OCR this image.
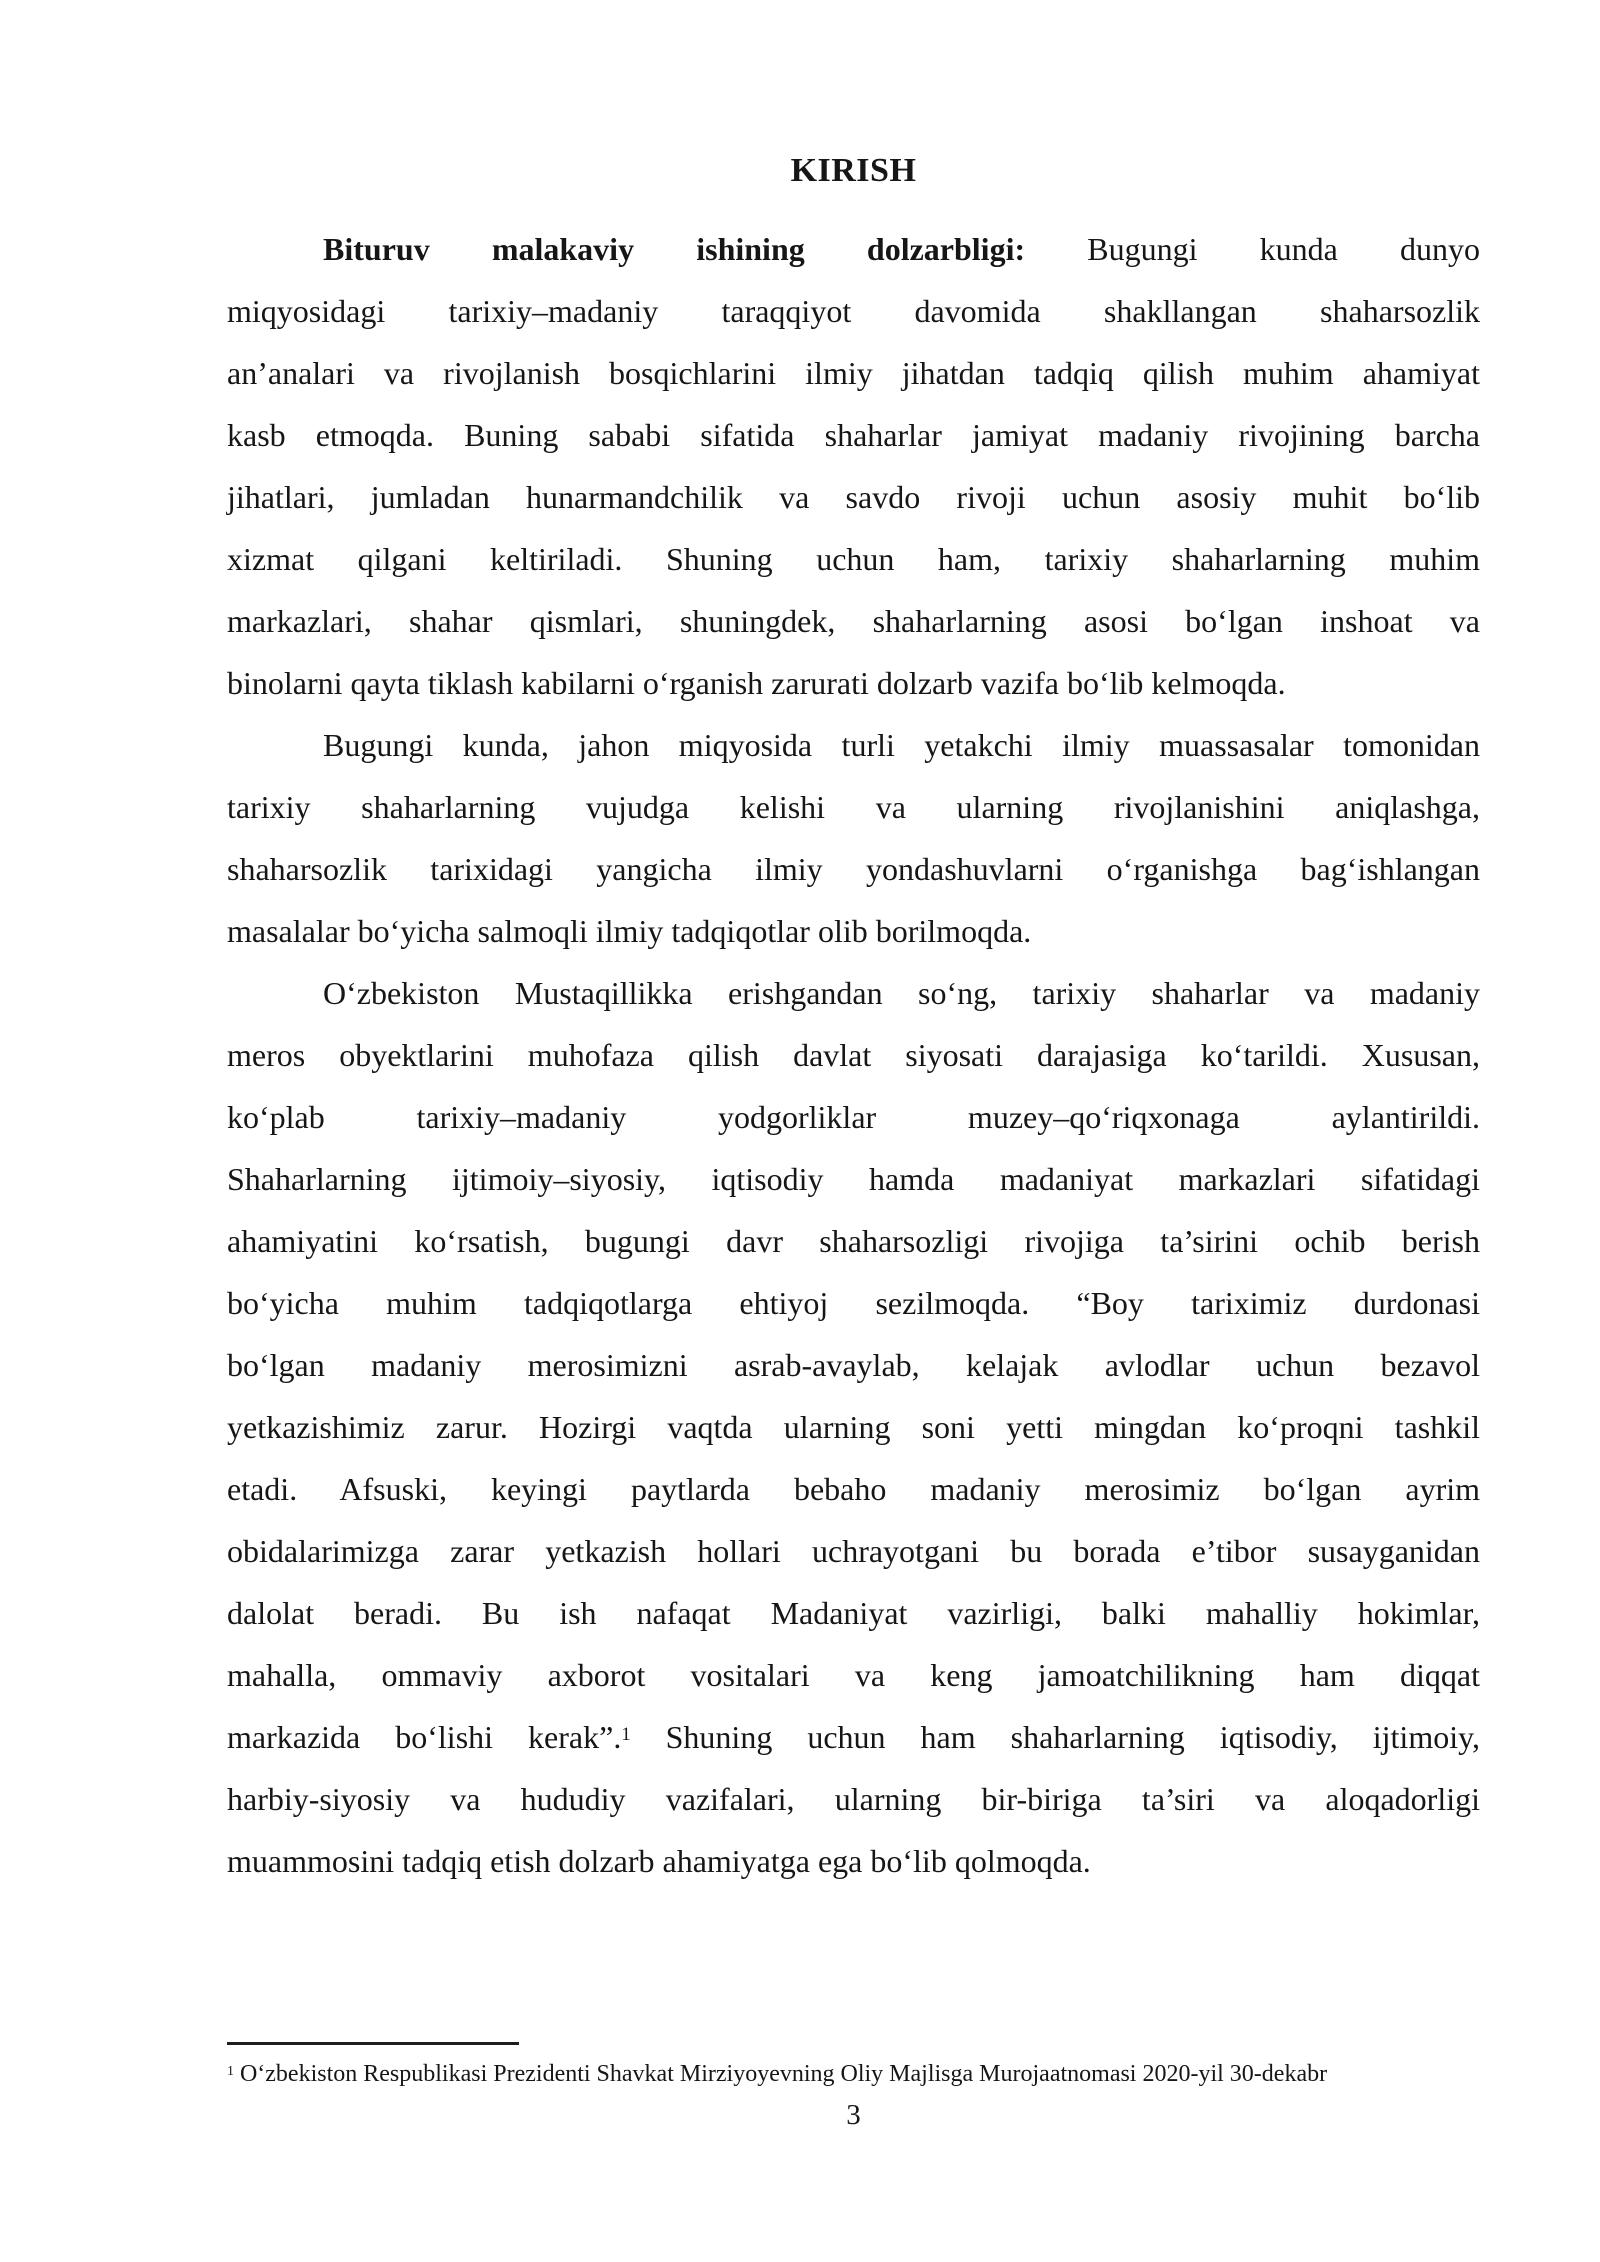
KIRISH
Bituruv malakaviy ishining dolzarbligi: Bugungi kunda dunyo
miqyosidagi tarixiy–madaniy taraqqiyot davomida shakllangan shaharsozlik
an’analari va rivojlanish bosqichlarini ilmiy jihatdan tadqiq qilish muhim ahamiyat
kasb etmoqda. Buning sababi sifatida shaharlar jamiyat madaniy rivojining barcha
jihatlari, jumladan hunarmandchilik va savdo rivoji uchun asosiy muhit bo‘lib
xizmat qilgani keltiriladi. Shuning uchun ham, tarixiy shaharlarning muhim
markazlari, shahar qismlari, shuningdek, shaharlarning asosi bo‘lgan inshoat va
binolarni qayta tiklash kabilarni o‘rganish zarurati dolzarb vazifa bo‘lib kelmoqda.
Bugungi kunda, jahon miqyosida turli yetakchi ilmiy muassasalar tomonidan
tarixiy shaharlarning vujudga kelishi va ularning rivojlanishini aniqlashga,
shaharsozlik tarixidagi yangicha ilmiy yondashuvlarni o‘rganishga bag‘ishlangan
masalalar bo‘yicha salmoqli ilmiy tadqiqotlar olib borilmoqda.
O‘zbekiston Mustaqillikka erishgandan so‘ng, tarixiy shaharlar va madaniy
meros obyektlarini muhofaza qilish davlat siyosati darajasiga ko‘tarildi. Xususan,
ko‘plab tarixiy–madaniy yodgorliklar muzey–qo‘riqxonaga aylantirildi.
Shaharlarning ijtimoiy–siyosiy, iqtisodiy hamda madaniyat markazlari sifatidagi
ahamiyatini ko‘rsatish, bugungi davr shaharsozligi rivojiga ta’sirini ochib berish
bo‘yicha muhim tadqiqotlarga ehtiyoj sezilmoqda. “Boy tariximiz durdonasi
bo‘lgan madaniy merosimizni asrab-avaylab, kelajak avlodlar uchun bezavol
yetkazishimiz zarur. Hozirgi vaqtda ularning soni yetti mingdan ko‘proqni tashkil
etadi. Afsuski, keyingi paytlarda bebaho madaniy merosimiz bo‘lgan ayrim
obidalarimizga zarar yetkazish hollari uchrayotgani bu borada e’tibor susayganidan
dalolat beradi. Bu ish nafaqat Madaniyat vazirligi, balki mahalliy hokimlar,
mahalla, ommaviy axborot vositalari va keng jamoatchilikning ham diqqat
markazida bo‘lishi kerak”.$^1$ Shuning uchun ham shaharlarning iqtisodiy, ijtimoiy,
harbiy-siyosiy va hududiy vazifalari, ularning bir-biriga ta’siri va aloqadorligi
muammosini tadqiq etish dolzarb ahamiyatga ega bo‘lib qolmoqda.
$^1$ O‘zbekiston Respublikasi Prezidenti Shavkat Mirziyoyevning Oliy Majlisga Murojaatnomasi 2020-yil 30-dekabr
3
